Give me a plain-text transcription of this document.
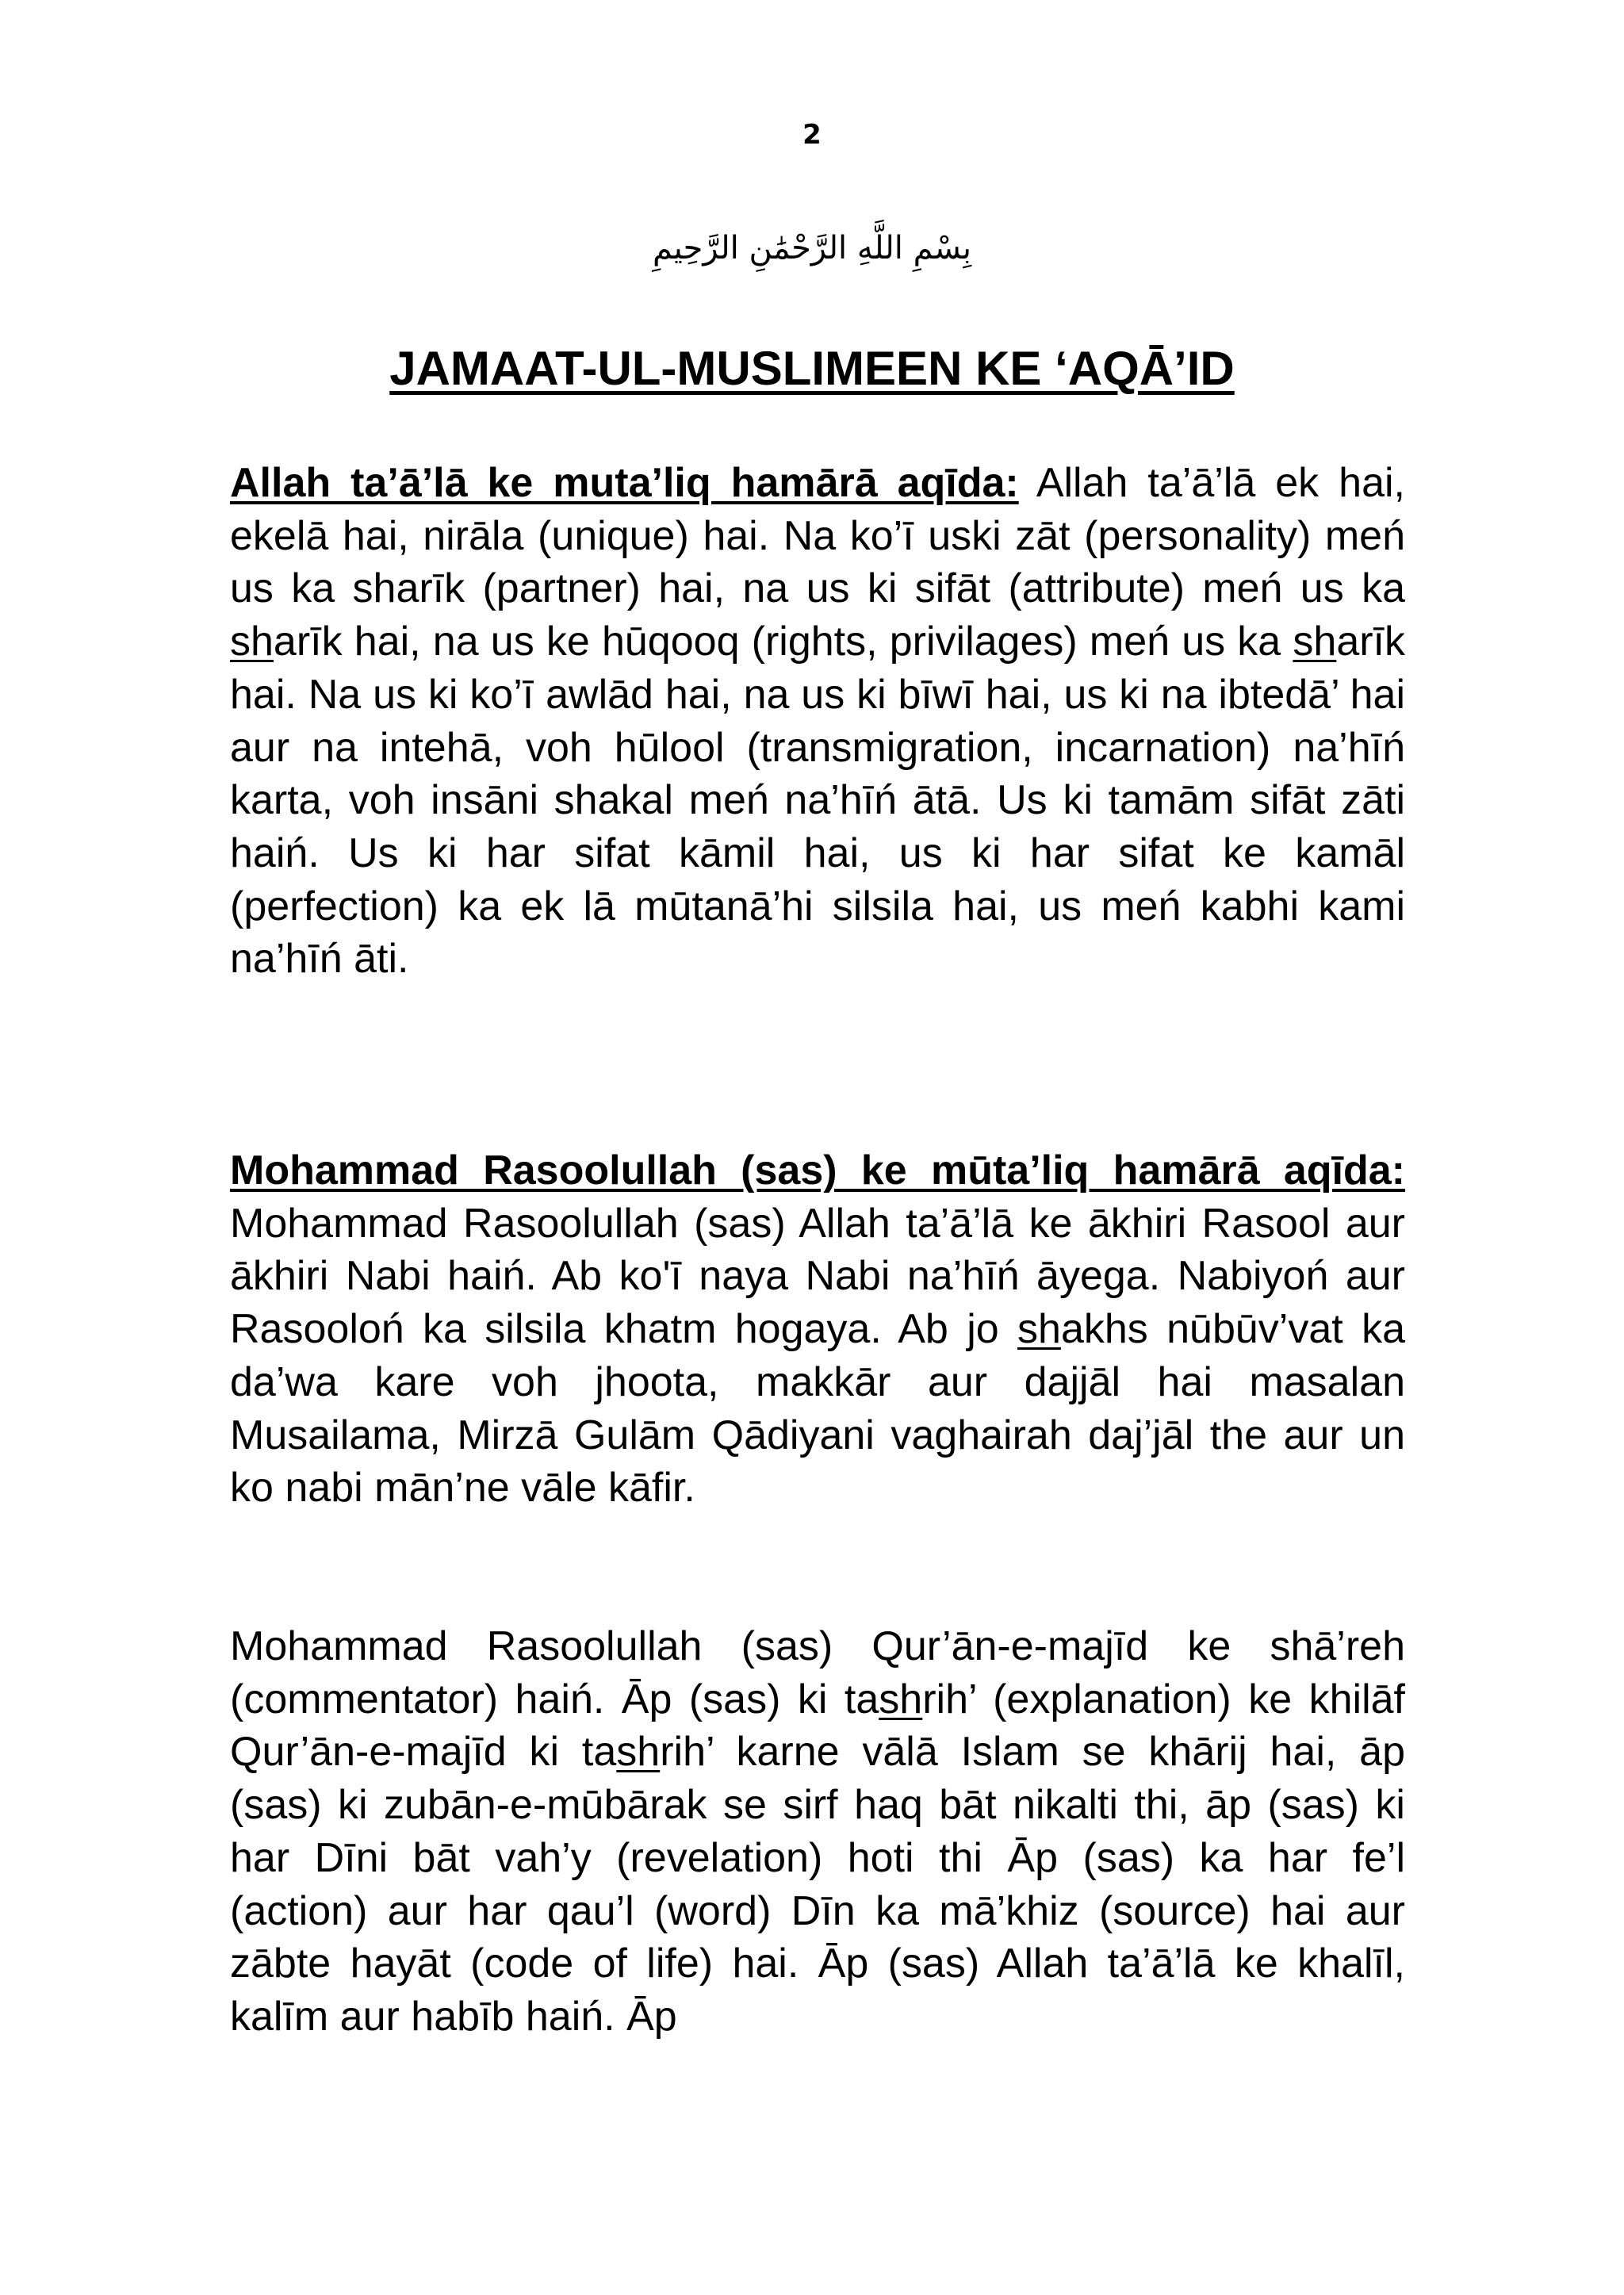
2
بِسْمِ اللَّهِ الرَّحْمَٰنِ الرَّحِيمِ
JAMAAT-UL-MUSLIMEEN KE ‘AQĀ’ID

Allah ta’ā’lā ke muta’liq hamārā aqīda: Allah ta’ā’lā ek hai, ekelā hai, nirāla (unique) hai. Na ko’ī uski zāt (personality) meń us ka sharīk (partner) hai, na us ki sifāt (attribute) meń us ka sharīk hai, na us ke hūqooq (rights, privilages) meń us ka sharīk hai. Na us ki ko’ī awlād hai, na us ki bīwī hai, us ki na ibtedā’ hai aur na intehā, voh hūlool (transmigration, incarnation) na’hīń karta, voh insāni shakal meń na’hīń ātā. Us ki tamām sifāt zāti haiń. Us ki har sifat kāmil hai, us ki har sifat ke kamāl (perfection) ka ek lā mūtanā’hi silsila hai, us meń kabhi kami na’hīń āti.

Mohammad Rasoolullah (sas) ke mūta’liq hamārā aqīda: Mohammad Rasoolullah (sas) Allah ta’ā’lā ke ākhiri Rasool aur ākhiri Nabi haiń. Ab ko'ī naya Nabi na’hīń āyega. Nabiyoń aur Rasooloń ka silsila khatm hogaya. Ab jo shakhs nūbūv’vat ka da’wa kare voh jhoota, makkār aur dajjāl hai masalan Musailama, Mirzā Gulām Qādiyani vaghairah daj’jāl the aur un ko nabi mān’ne vāle kāfir.

Mohammad Rasoolullah (sas) Qur’ān-e-majīd ke shā’reh (commentator) haiń. Āp (sas) ki tashrih’ (explanation) ke khilāf Qur’ān-e-majīd ki tashrih’ karne vālā Islam se khārij hai, āp (sas) ki zubān-e-mūbārak se sirf haq bāt nikalti thi, āp (sas) ki har Dīni bāt vah’y (revelation) hoti thi Āp (sas) ka har fe’l (action) aur har qau’l (word) Dīn ka mā’khiz (source) hai aur zābte hayāt (code of life) hai. Āp (sas) Allah ta’ā’lā ke khalīl, kalīm aur habīb haiń. Āp
